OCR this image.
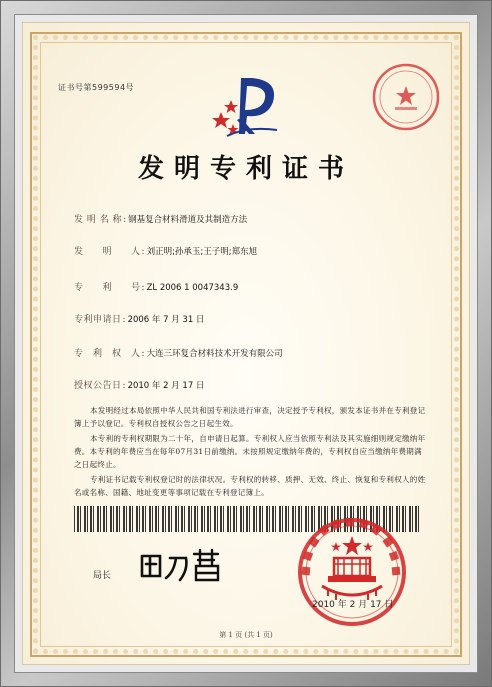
证书号第599594号
发明专利证书
发 明 名 称 : 钢基复合材料滑道及其制造方法
发　　明　　人 : 刘正明;孙承玉;王子明;郑东旭
专　　利　　号 : ZL 2006 1 0047343.9
专利申请日 : 2006 年 7 月 31 日
专　利　权　人 : 大连三环复合材料技术开发有限公司
授权公告日 : 2010 年 2 月 17 日
本发明经过本局依照中华人民共和国专利法进行审查，决定授予专利权，颁发本证书并在专利登记簿上予以登记。专利权自授权公告之日起生效。
本专利的专利权期限为二十年，自申请日起算。专利权人应当依照专利法及其实施细则规定缴纳年费。本专利的年费应当在每年07月31日前缴纳。未按照规定缴纳年费的，专利权自应当缴纳年费期满之日起终止。
专利证书记载专利权登记时的法律状况。专利权的转移、质押、无效、终止、恢复和专利权人的姓名或名称、国籍、地址变更等事项记载在专利登记簿上。
局长
2010 年 2 月 17 日
第 1 页 (共 1 页)
